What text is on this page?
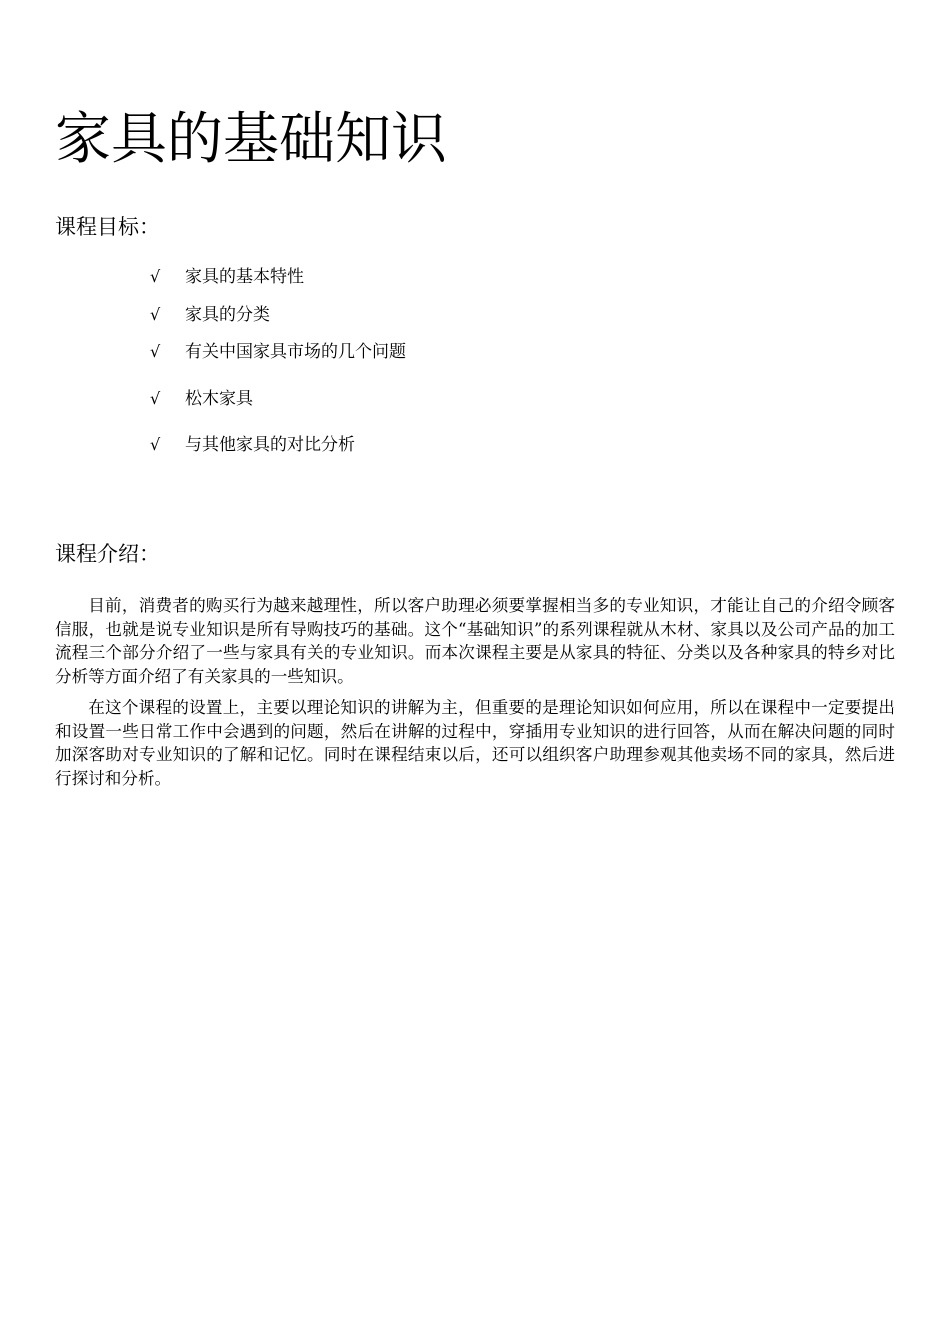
家具的基础知识
课程目标：
√ 家具的基本特性
√ 家具的分类
√ 有关中国家具市场的几个问题
√ 松木家具
√ 与其他家具的对比分析
课程介绍：

目前，消费者的购买行为越来越理性，所以客户助理必须要掌握相当多的专业知识，才能让自己的介绍令顾客信服，也就是说专业知识是所有导购技巧的基础。这个“基础知识”的系列课程就从木材、家具以及公司产品的加工流程三个部分介绍了一些与家具有关的专业知识。而本次课程主要是从家具的特征、分类以及各种家具的特乡对比分析等方面介绍了有关家具的一些知识。

在这个课程的设置上，主要以理论知识的讲解为主，但重要的是理论知识如何应用，所以在课程中一定要提出和设置一些日常工作中会遇到的问题，然后在讲解的过程中，穿插用专业知识的进行回答，从而在解决问题的同时加深客助对专业知识的了解和记忆。同时在课程结束以后，还可以组织客户助理参观其他卖场不同的家具，然后进行探讨和分析。
